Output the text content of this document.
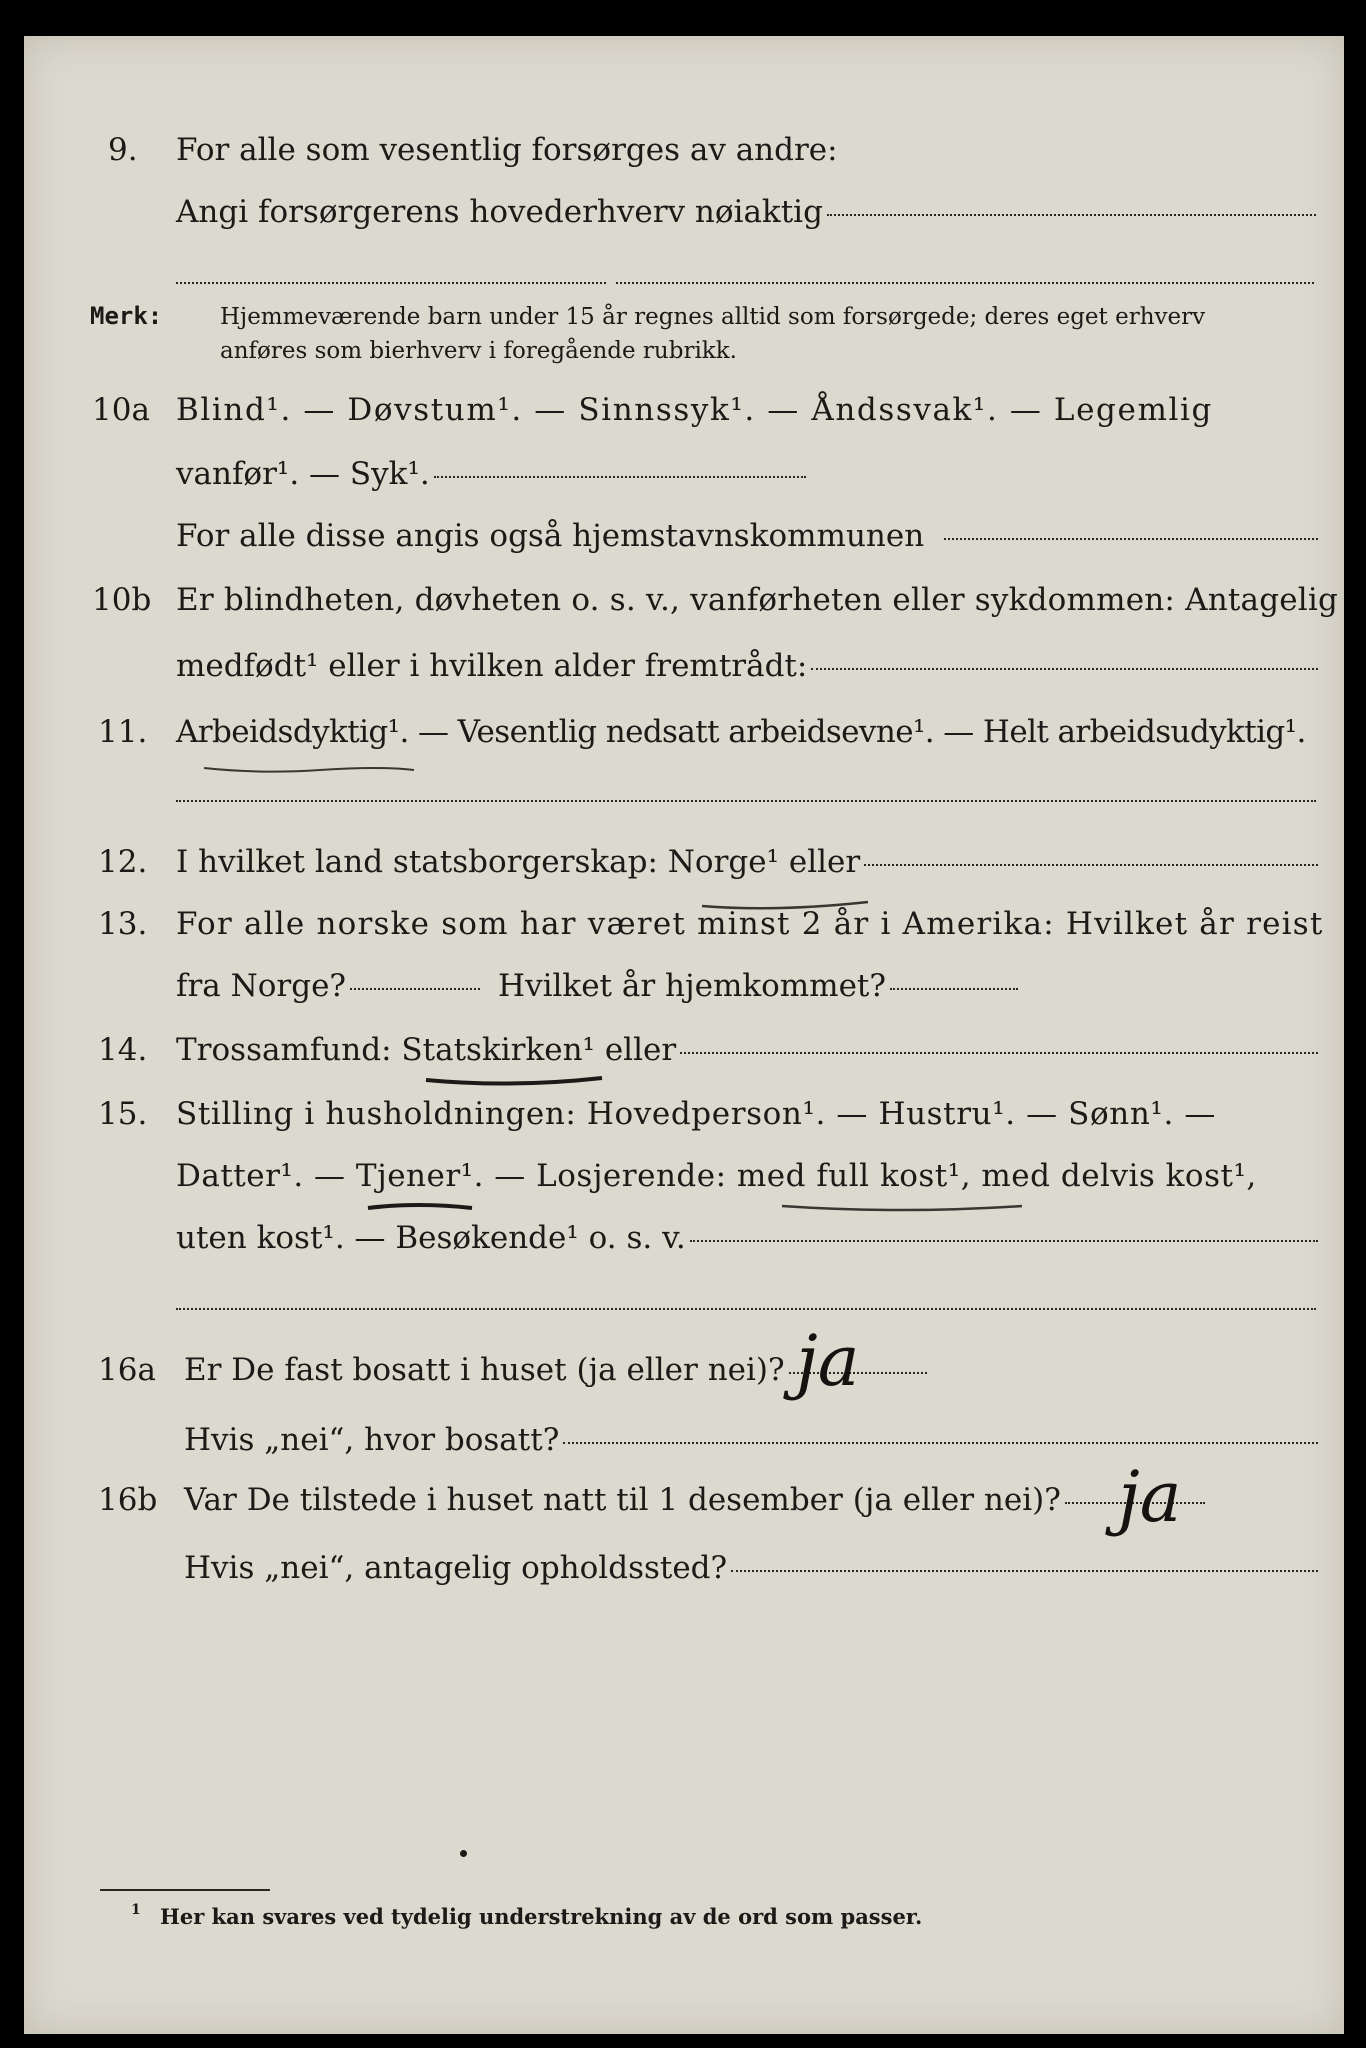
9. For alle som vesentlig forsørges av andre:
Angi forsørgerens hovederhverv nøiaktig
Merk:	Hjemmeværende barn under 15 år regnes alltid som forsørgede; deres eget erhverv
anføres som bierhverv i foregående rubrikk.
10a Blind¹. — Døvstum¹. — Sinnssyk¹. — Åndssvak¹. — Legemlig
vanfør¹. — Syk¹.
For alle disse angis også hjemstavnskommunen
10b Er blindheten, døvheten o. s. v., vanførheten eller sykdommen: Antagelig
medfødt¹ eller i hvilken alder fremtrådt:
11. Arbeidsdyktig¹. — Vesentlig nedsatt arbeidsevne¹. — Helt arbeidsudyktig¹.
12. I hvilket land statsborgerskap: Norge¹ eller
13. For alle norske som har været minst 2 år i Amerika: Hvilket år reist
fra Norge?	Hvilket år hjemkommet?
14. Trossamfund: Statskirken¹ eller
15. Stilling i husholdningen: Hovedperson¹. — Hustru¹. — Sønn¹. —
Datter¹. — Tjener¹. — Losjerende: med full kost¹, med delvis kost¹,
uten kost¹. — Besøkende¹ o. s. v.
16a Er De fast bosatt i huset (ja eller nei)? ja
Hvis „nei“, hvor bosatt?
16b Var De tilstede i huset natt til 1 desember (ja eller nei)? ja
Hvis „nei“, antagelig opholdssted?
1 Her kan svares ved tydelig understrekning av de ord som passer.
